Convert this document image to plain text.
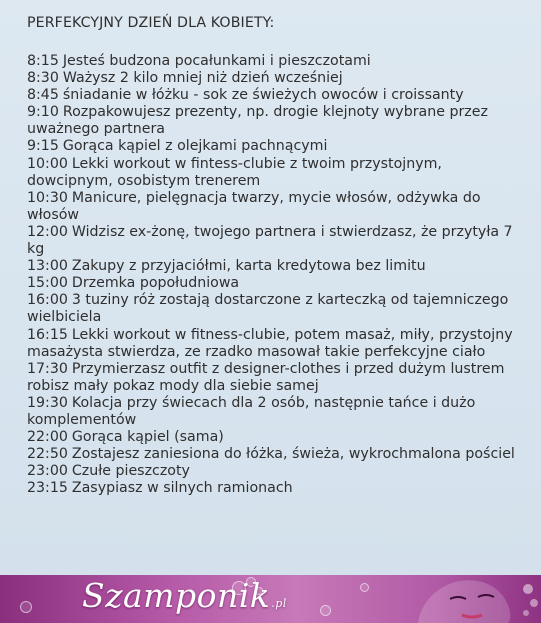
PERFEKCYJNY DZIEŃ DLA KOBIETY:
8:15 Jesteś budzona pocałunkami i pieszczotami
8:30 Ważysz 2 kilo mniej niż dzień wcześniej
8:45 śniadanie w łóżku - sok ze świeżych owoców i croissanty
9:10 Rozpakowujesz prezenty, np. drogie klejnoty wybrane przez uważnego partnera
9:15 Gorąca kąpiel z olejkami pachnącymi
10:00 Lekki workout w fintess-clubie z twoim przystojnym, dowcipnym, osobistym trenerem
10:30 Manicure, pielęgnacja twarzy, mycie włosów, odżywka do włosów
12:00 Widzisz ex-żonę, twojego partnera i stwierdzasz, że przytyła 7 kg
13:00 Zakupy z przyjaciółmi, karta kredytowa bez limitu
15:00 Drzemka popołudniowa
16:00 3 tuziny róż zostają dostarczone z karteczką od tajemniczego wielbiciela
16:15 Lekki workout w fitness-clubie, potem masaż, miły, przystojny masażysta stwierdza, ze rzadko masował takie perfekcyjne ciało
17:30 Przymierzasz outfit z designer-clothes i przed dużym lustrem robisz mały pokaz mody dla siebie samej
19:30 Kolacja przy świecach dla 2 osób, następnie tańce i dużo komplementów
22:00 Gorąca kąpiel (sama)
22:50 Zostajesz zaniesiona do łóżka, świeża, wykrochmalona pościel
23:00 Czułe pieszczoty
23:15 Zasypiasz w silnych ramionach
Szamponik.pl
